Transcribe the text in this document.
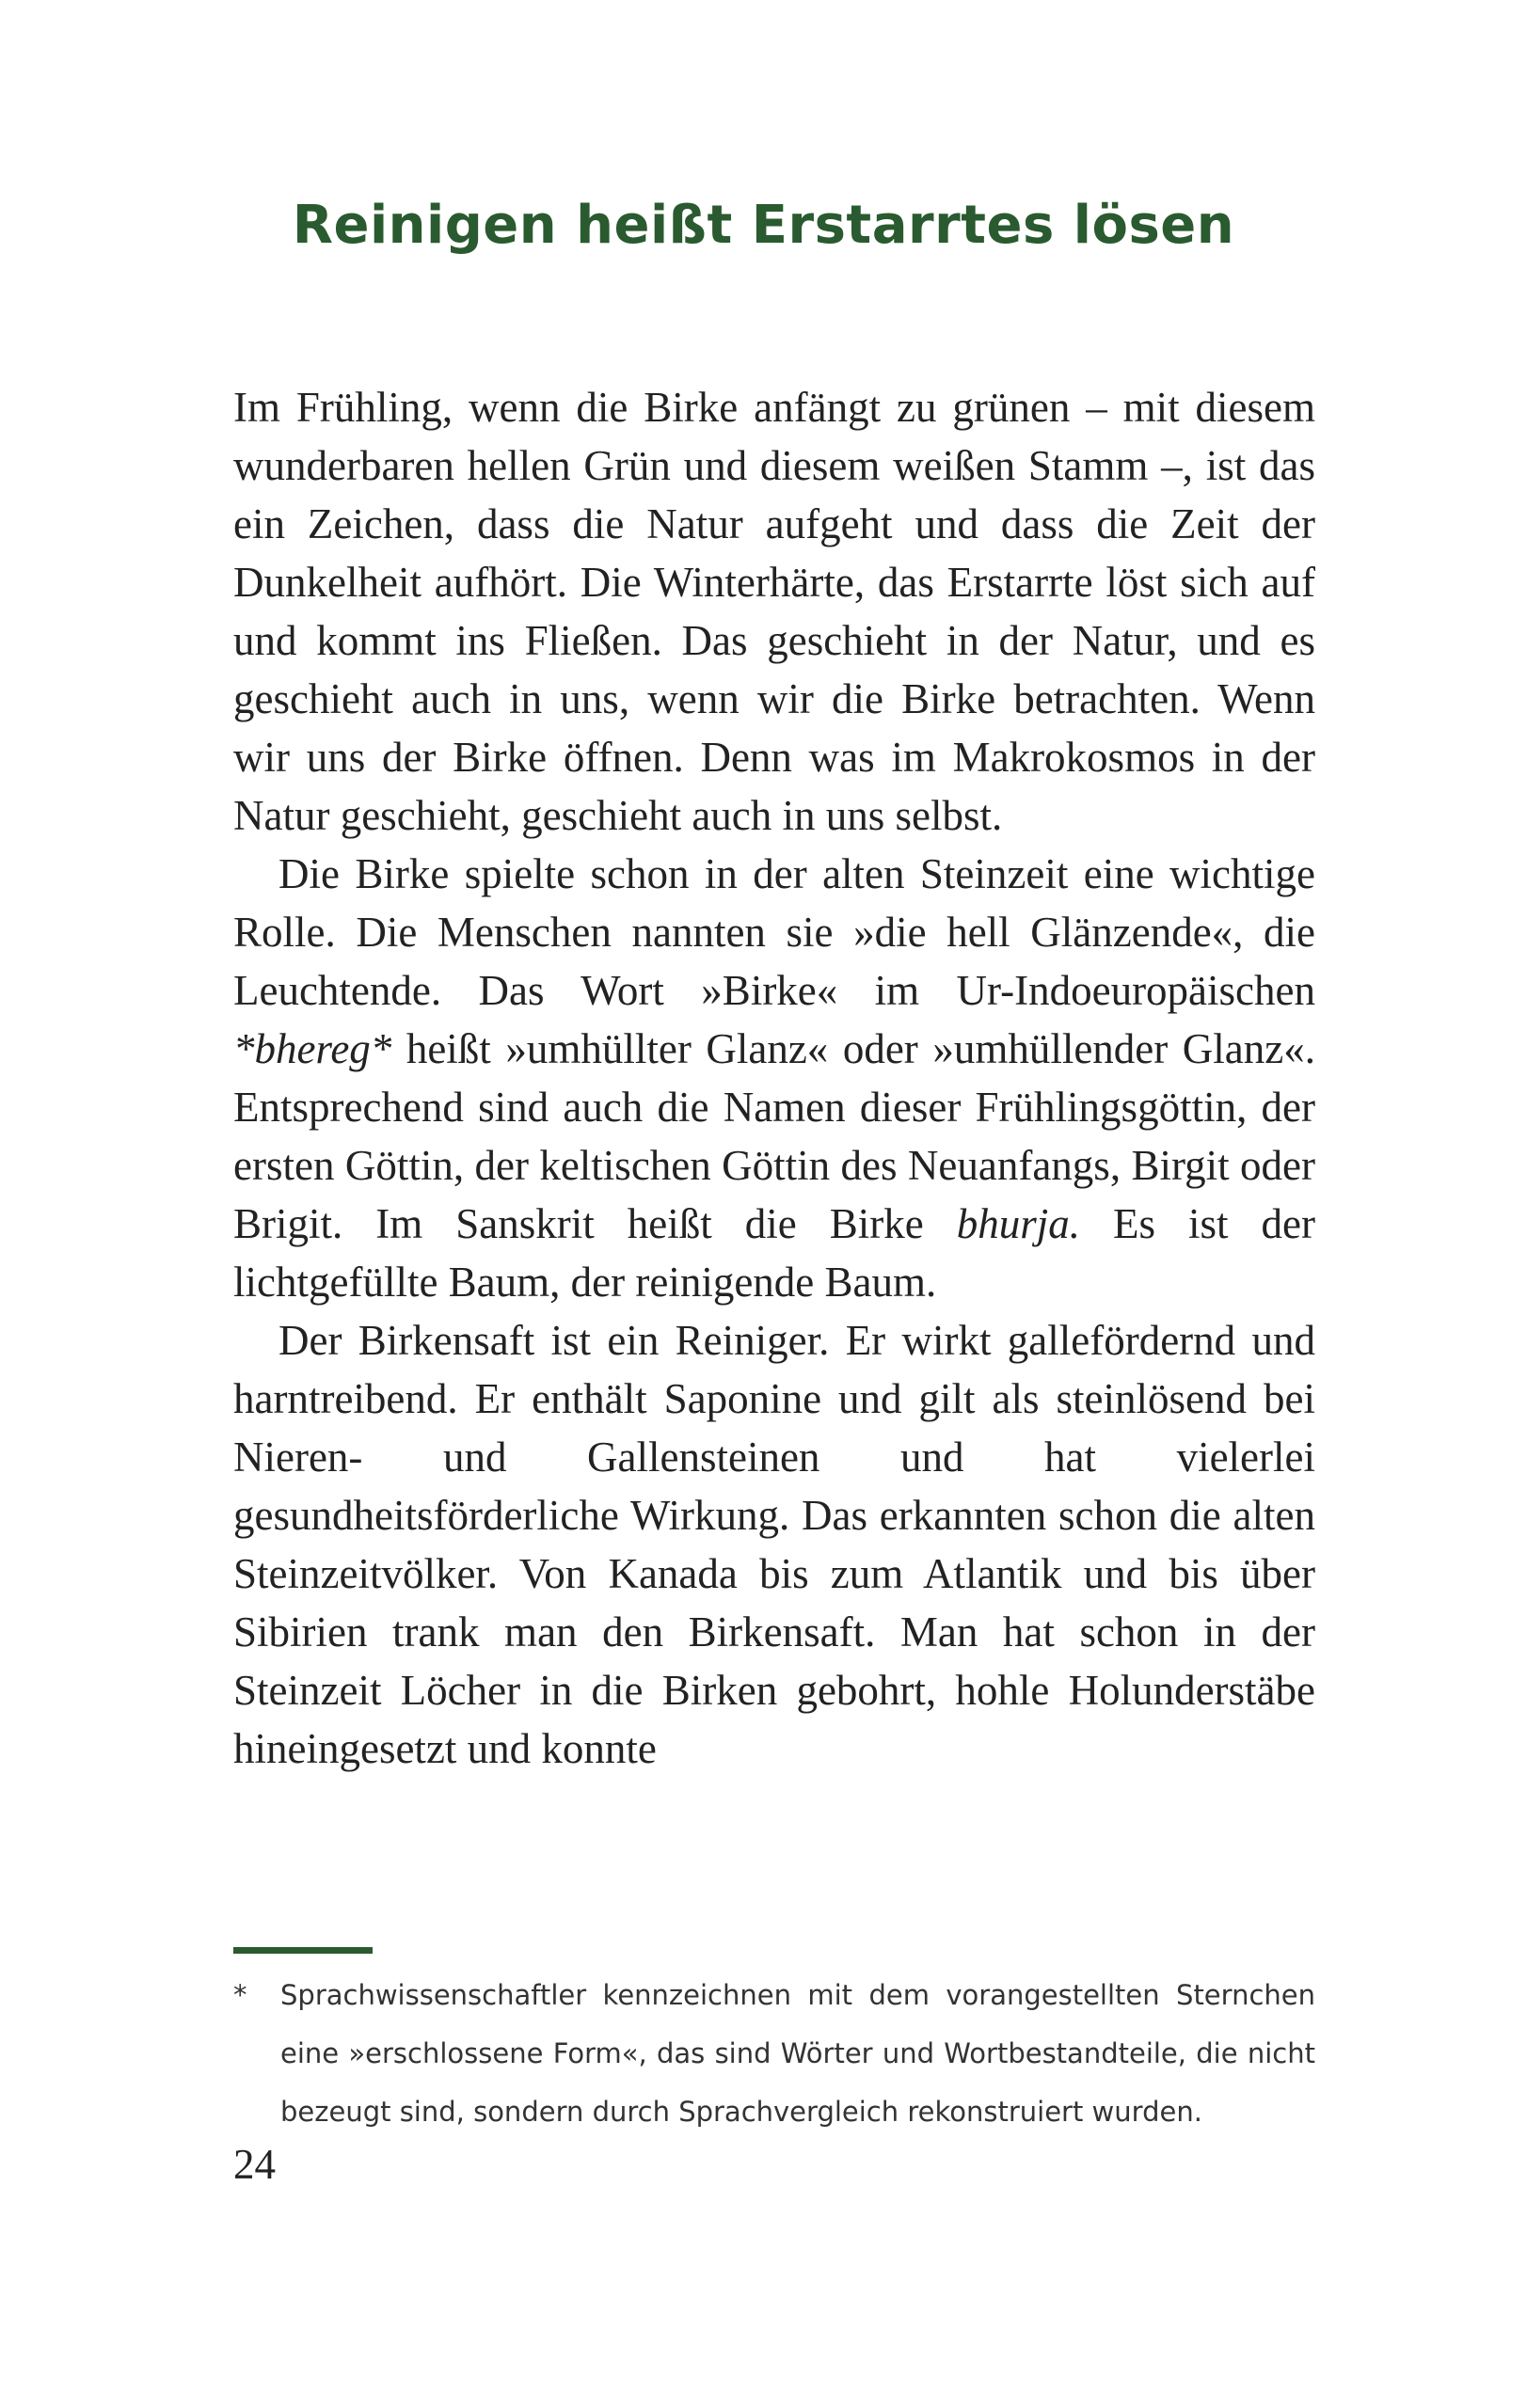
Reinigen heißt Erstarrtes lösen

Im Frühling, wenn die Birke anfängt zu grünen – mit diesem wunderbaren hellen Grün und diesem weißen Stamm –, ist das ein Zeichen, dass die Natur aufgeht und dass die Zeit der Dunkelheit aufhört. Die Winterhärte, das Erstarrte löst sich auf und kommt ins Fließen. Das geschieht in der Natur, und es geschieht auch in uns, wenn wir die Birke betrachten. Wenn wir uns der Birke öffnen. Denn was im Makrokosmos in der Natur geschieht, geschieht auch in uns selbst.

Die Birke spielte schon in der alten Steinzeit eine wichtige Rolle. Die Menschen nannten sie »die hell Glänzende«, die Leuchtende. Das Wort »Birke« im Ur-Indoeuropäischen *bhereg* heißt »umhüllter Glanz« oder »umhüllender Glanz«. Entsprechend sind auch die Namen dieser Frühlingsgöttin, der ersten Göttin, der keltischen Göttin des Neuanfangs, Birgit oder Brigit. Im Sanskrit heißt die Birke bhurja. Es ist der lichtgefüllte Baum, der reinigende Baum.

Der Birkensaft ist ein Reiniger. Er wirkt gallefördernd und harntreibend. Er enthält Saponine und gilt als steinlösend bei Nieren- und Gallensteinen und hat vielerlei gesundheitsförderliche Wirkung. Das erkannten schon die alten Steinzeitvölker. Von Kanada bis zum Atlantik und bis über Sibirien trank man den Birkensaft. Man hat schon in der Steinzeit Löcher in die Birken gebohrt, hohle Holunderstäbe hineingesetzt und konnte

*	Sprachwissenschaftler kennzeichnen mit dem vorangestellten Sternchen eine »erschlossene Form«, das sind Wörter und Wortbestandteile, die nicht bezeugt sind, sondern durch Sprachvergleich rekonstruiert wurden.
24
